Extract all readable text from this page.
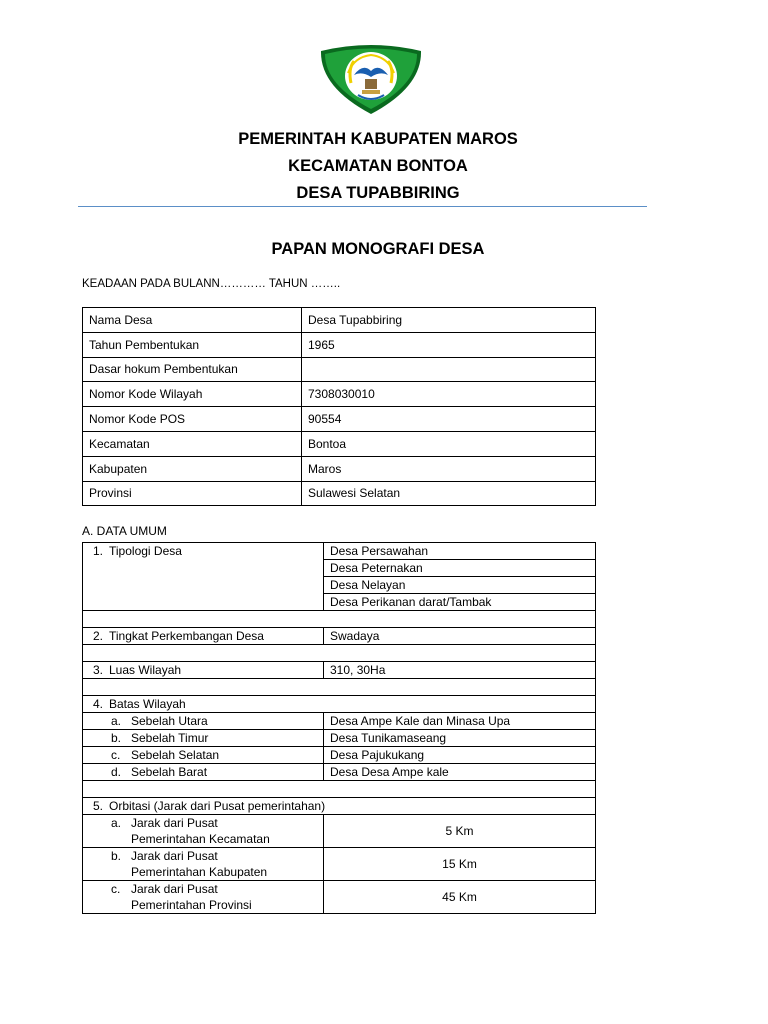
PEMERINTAH KABUPATEN MAROS
KECAMATAN BONTOA
DESA TUPABBIRING
PAPAN MONOGRAFI DESA
KEADAAN PADA BULANN………… TAHUN ……..
Nama Desa	Desa Tupabbiring
Tahun Pembentukan	1965
Dasar hokum Pembentukan	
Nomor Kode Wilayah	7308030010
Nomor Kode POS	90554
Kecamatan	Bontoa
Kabupaten	Maros
Provinsi	Sulawesi Selatan
A. DATA UMUM
1. Tipologi Desa	Desa Persawahan
	Desa Peternakan
	Desa Nelayan
	Desa Perikanan darat/Tambak

2. Tingkat Perkembangan Desa	Swadaya

3. Luas Wilayah	310, 30Ha

4. Batas Wilayah	
a. Sebelah Utara	Desa Ampe Kale dan Minasa Upa
b. Sebelah Timur	Desa Tunikamaseang
c. Sebelah Selatan	Desa Pajukukang
d. Sebelah Barat	Desa Desa Ampe kale

5. Orbitasi (Jarak dari Pusat pemerintahan)	
a. Jarak dari Pusat
Pemerintahan Kecamatan	5 Km
b. Jarak dari Pusat
Pemerintahan Kabupaten	15 Km
c. Jarak dari Pusat
Pemerintahan Provinsi	45 Km
